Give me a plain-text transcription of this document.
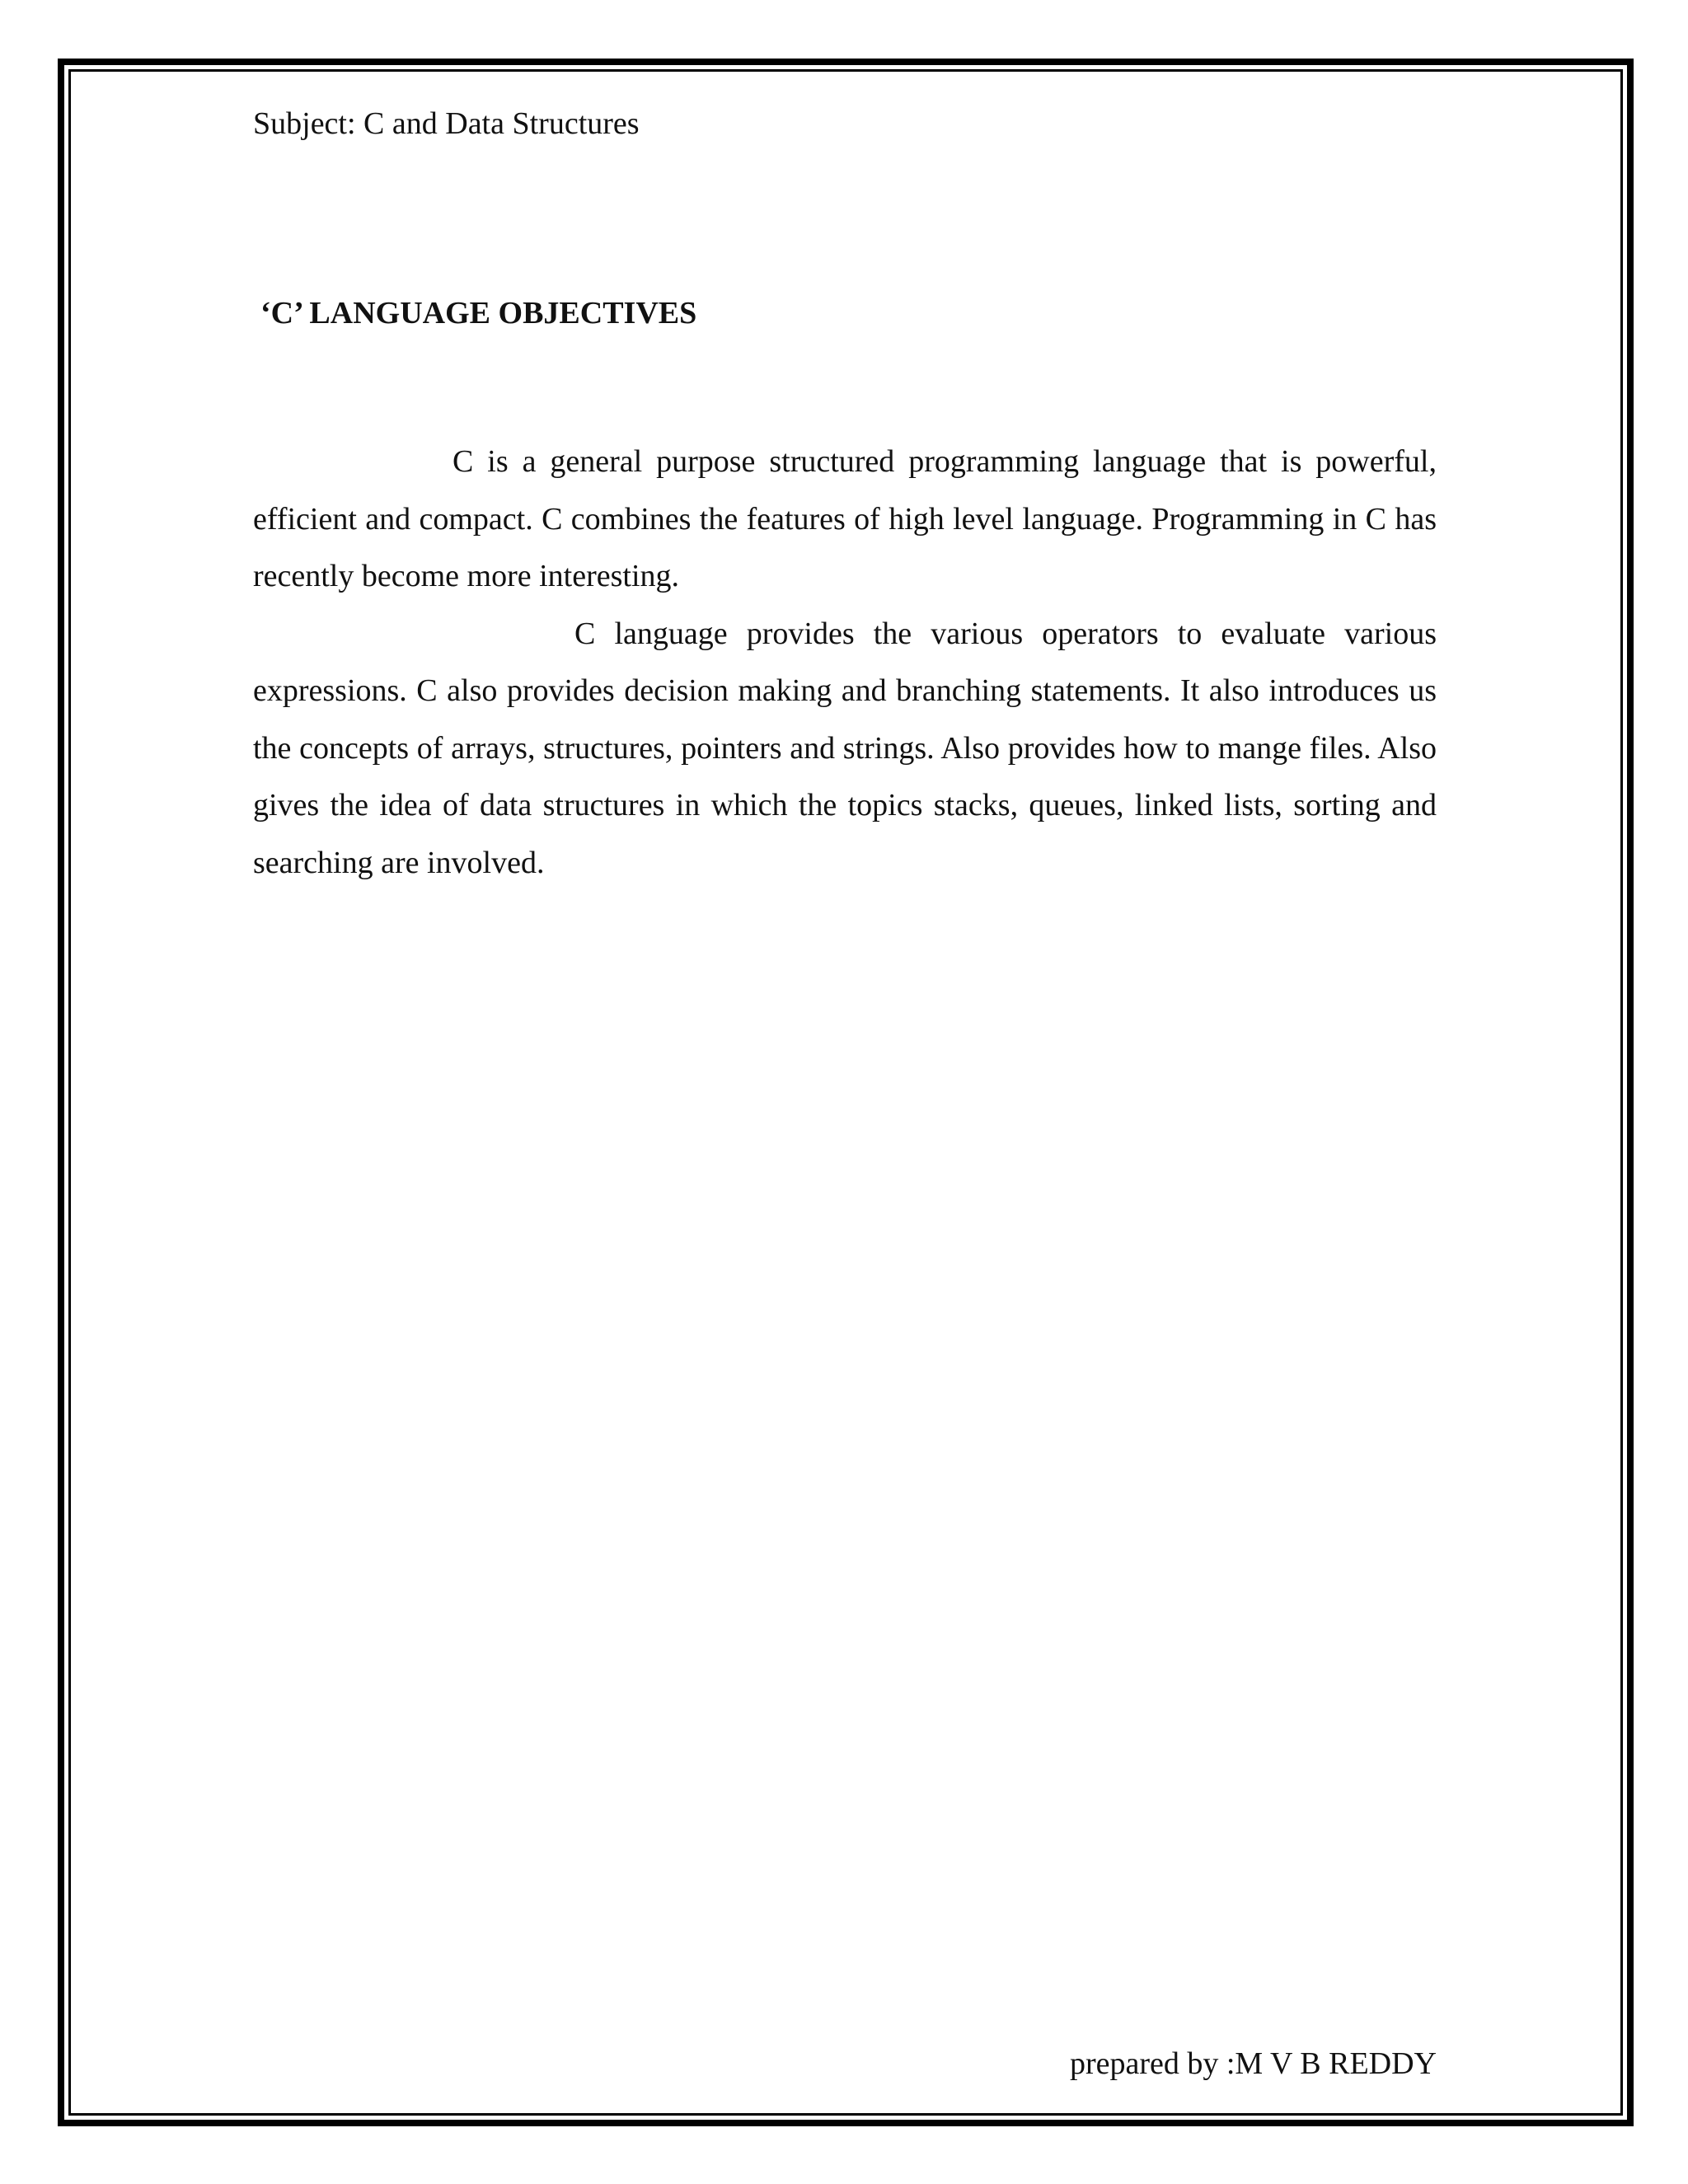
Subject: C and Data Structures
‘C’ LANGUAGE OBJECTIVES

C is a general purpose structured programming language that is powerful, efficient and compact. C combines the features of high level language. Programming in C has recently become more interesting.

C language provides the various operators to evaluate various expressions. C also provides decision making and branching statements. It also introduces us the concepts of arrays, structures, pointers and strings. Also provides how to mange files. Also gives the idea of data structures in which the topics stacks, queues, linked lists, sorting and searching are involved.

prepared by :M V B REDDY
